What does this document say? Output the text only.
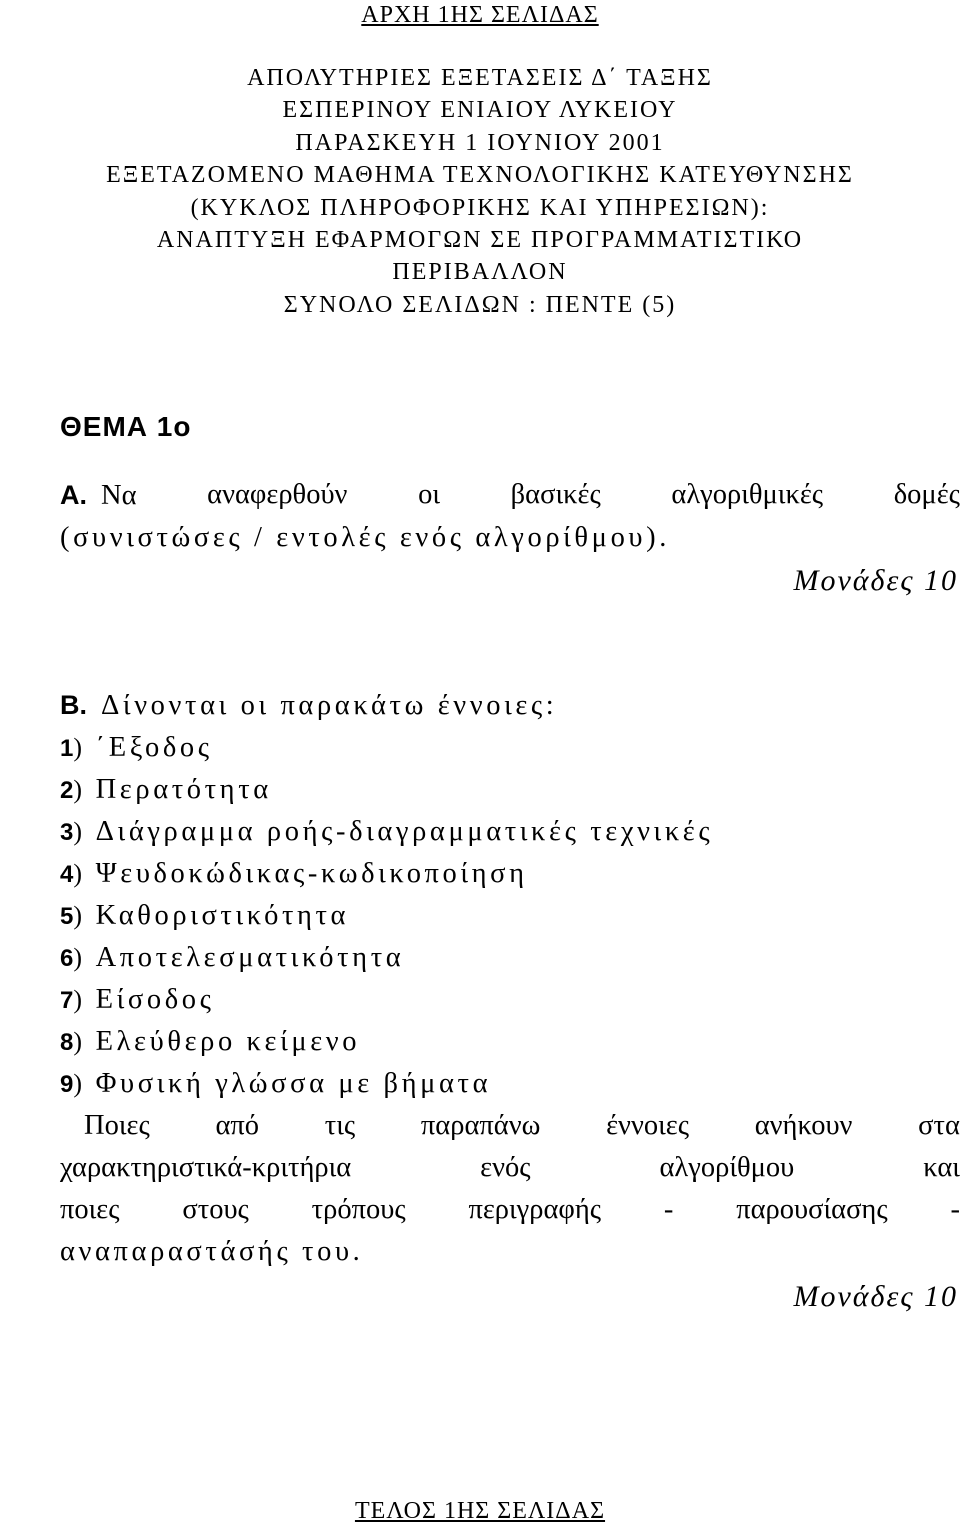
ΑΡΧΗ 1ΗΣ ΣΕΛΙΔΑΣ
ΑΠΟΛΥΤΗΡΙΕΣ ΕΞΕΤΑΣΕΙΣ Δ΄ ΤΑΞΗΣ
ΕΣΠΕΡΙΝΟΥ ΕΝΙΑΙΟΥ ΛΥΚΕΙΟΥ
ΠΑΡΑΣΚΕΥΗ 1 ΙΟΥΝΙΟΥ 2001
ΕΞΕΤΑΖΟΜΕΝΟ ΜΑΘΗΜΑ ΤΕΧΝΟΛΟΓΙΚΗΣ ΚΑΤΕΥΘΥΝΣΗΣ
(ΚΥΚΛΟΣ ΠΛΗΡΟΦΟΡΙΚΗΣ ΚΑΙ ΥΠΗΡΕΣΙΩΝ):
ΑΝΑΠΤΥΞΗ ΕΦΑΡΜΟΓΩΝ ΣΕ ΠΡΟΓΡΑΜΜΑΤΙΣΤΙΚΟ
ΠΕΡΙΒΑΛΛΟΝ
ΣΥΝΟΛΟ ΣΕΛΙΔΩΝ : ΠΕΝΤΕ (5)
ΘΕΜΑ 1ο
Α. Να αναφερθούν οι βασικές αλγοριθμικές δομές
(συνιστώσες / εντολές ενός αλγορίθμου).
Μονάδες 10
Β. Δίνονται οι παρακάτω έννοιες:
1) ΄Εξοδος
2) Περατότητα
3) Διάγραμμα ροής-διαγραμματικές τεχνικές
4) Ψευδοκώδικας-κωδικοποίηση
5) Καθοριστικότητα
6) Αποτελεσματικότητα
7) Είσοδος
8) Ελεύθερο κείμενο
9) Φυσική γλώσσα με βήματα
Ποιες από τις παραπάνω έννοιες ανήκουν στα
χαρακτηριστικά-κριτήρια	ενός	αλγορίθμου	και
ποιες στους τρόπους περιγραφής - παρουσίασης -
αναπαραστάσής του.
Μονάδες 10
ΤΕΛΟΣ 1ΗΣ ΣΕΛΙΔΑΣ
